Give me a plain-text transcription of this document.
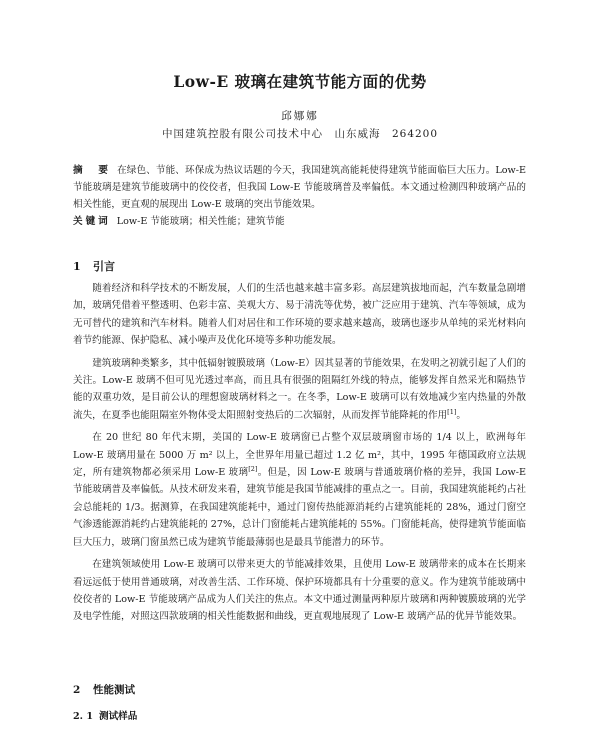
Low-E 玻璃在建筑节能方面的优势
邱娜娜
中国建筑控股有限公司技术中心　山东威海　264200

摘　要 在绿色、节能、环保成为热议话题的今天，我国建筑高能耗使得建筑节能面临巨大压力。Low-E 节能玻璃是建筑节能玻璃中的佼佼者，但我国 Low-E 节能玻璃普及率偏低。本文通过检测四种玻璃产品的相关性能，更直观的展现出 Low-E 玻璃的突出节能效果。

关键词 Low-E 节能玻璃；相关性能；建筑节能

1 引言

随着经济和科学技术的不断发展，人们的生活也越来越丰富多彩。高层建筑拔地而起，汽车数量急剧增加，玻璃凭借着平整透明、色彩丰富、美观大方、易于清洗等优势，被广泛应用于建筑、汽车等领域，成为无可替代的建筑和汽车材料。随着人们对居住和工作环境的要求越来越高，玻璃也逐步从单纯的采光材料向着节约能源、保护隐私、减小噪声及优化环境等多种功能发展。

建筑玻璃种类繁多，其中低辐射镀膜玻璃（Low-E）因其显著的节能效果，在发明之初就引起了人们的关注。Low-E 玻璃不但可见光透过率高，而且具有很强的阻隔红外线的特点，能够发挥自然采光和隔热节能的双重功效，是目前公认的理想窗玻璃材料之一。在冬季，Low-E 玻璃可以有效地减少室内热量的外散流失，在夏季也能阻隔室外物体受太阳照射变热后的二次辐射，从而发挥节能降耗的作用[1]。

在 20 世纪 80 年代末期，美国的 Low-E 玻璃窗已占整个双层玻璃窗市场的 1/4 以上，欧洲每年 Low-E 玻璃用量在 5000 万 m² 以上，全世界年用量已超过 1.2 亿 m²，其中，1995 年德国政府立法规定，所有建筑物都必须采用 Low-E 玻璃[2]。但是，因 Low-E 玻璃与普通玻璃价格的差异，我国 Low-E 节能玻璃普及率偏低。从技术研发来看，建筑节能是我国节能减排的重点之一。目前，我国建筑能耗约占社会总能耗的 1/3。据测算，在我国建筑能耗中，通过门窗传热能源消耗约占建筑能耗的 28%，通过门窗空气渗透能源消耗约占建筑能耗的 27%，总计门窗能耗占建筑能耗的 55%。门窗能耗高，使得建筑节能面临巨大压力，玻璃门窗虽然已成为建筑节能最薄弱也是最具节能潜力的环节。

在建筑领域使用 Low-E 玻璃可以带来更大的节能减排效果，且使用 Low-E 玻璃带来的成本在长期来看远远低于使用普通玻璃，对改善生活、工作环境、保护环境都具有十分重要的意义。作为建筑节能玻璃中佼佼者的 Low-E 节能玻璃产品成为人们关注的焦点。本文中通过测量两种原片玻璃和两种镀膜玻璃的光学及电学性能，对照这四款玻璃的相关性能数据和曲线，更直观地展现了 Low-E 玻璃产品的优异节能效果。

2 性能测试
2. 1 测试样品
